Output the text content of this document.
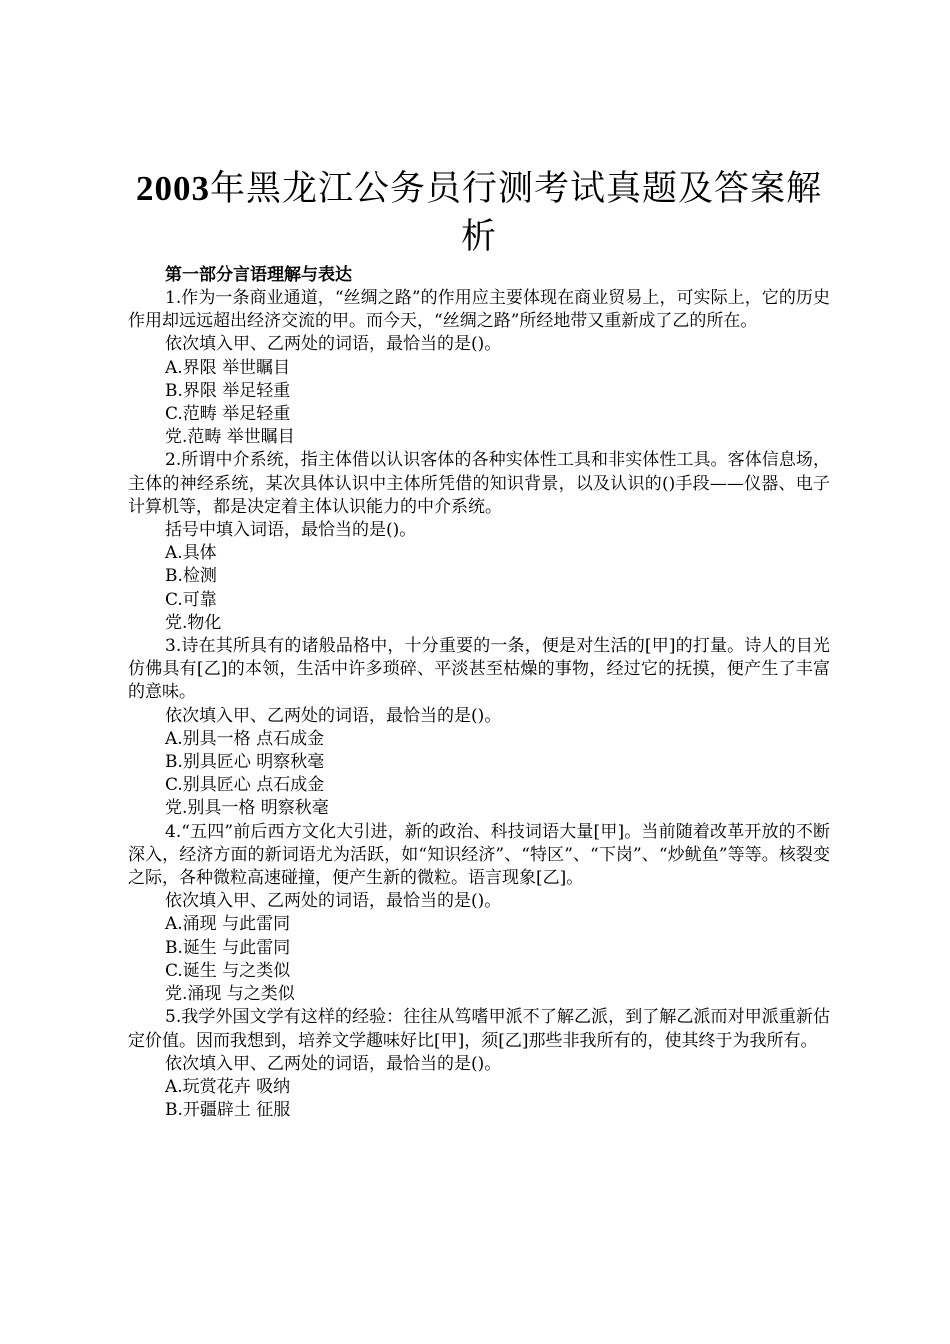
2003年黑龙江公务员行测考试真题及答案解析
第一部分言语理解与表达

1.作为一条商业通道，“丝绸之路”的作用应主要体现在商业贸易上，可实际上，它的历史作用却远远超出经济交流的甲。而今天，“丝绸之路”所经地带又重新成了乙的所在。

依次填入甲、乙两处的词语，最恰当的是()。

A.界限 举世瞩目

B.界限 举足轻重

C.范畴 举足轻重

党.范畴 举世瞩目

2.所谓中介系统，指主体借以认识客体的各种实体性工具和非实体性工具。客体信息场，主体的神经系统，某次具体认识中主体所凭借的知识背景，以及认识的()手段——仪器、电子计算机等，都是决定着主体认识能力的中介系统。

括号中填入词语，最恰当的是()。

A.具体

B.检测

C.可靠

党.物化

3.诗在其所具有的诸般品格中，十分重要的一条，便是对生活的[甲]的打量。诗人的目光仿佛具有[乙]的本领，生活中许多琐碎、平淡甚至枯燥的事物，经过它的抚摸，便产生了丰富的意味。

依次填入甲、乙两处的词语，最恰当的是()。

A.别具一格 点石成金

B.别具匠心 明察秋毫

C.别具匠心 点石成金

党.别具一格 明察秋毫

4.“五四”前后西方文化大引进，新的政治、科技词语大量[甲]。当前随着改革开放的不断深入，经济方面的新词语尤为活跃，如“知识经济”、“特区”、“下岗”、“炒鱿鱼”等等。核裂变之际，各种微粒高速碰撞，便产生新的微粒。语言现象[乙]。

依次填入甲、乙两处的词语，最恰当的是()。

A.涌现 与此雷同

B.诞生 与此雷同

C.诞生 与之类似

党.涌现 与之类似

5.我学外国文学有这样的经验：往往从笃嗜甲派不了解乙派，到了解乙派而对甲派重新估定价值。因而我想到，培养文学趣味好比[甲]，须[乙]那些非我所有的，使其终于为我所有。

依次填入甲、乙两处的词语，最恰当的是()。

A.玩赏花卉 吸纳

B.开疆辟土 征服
